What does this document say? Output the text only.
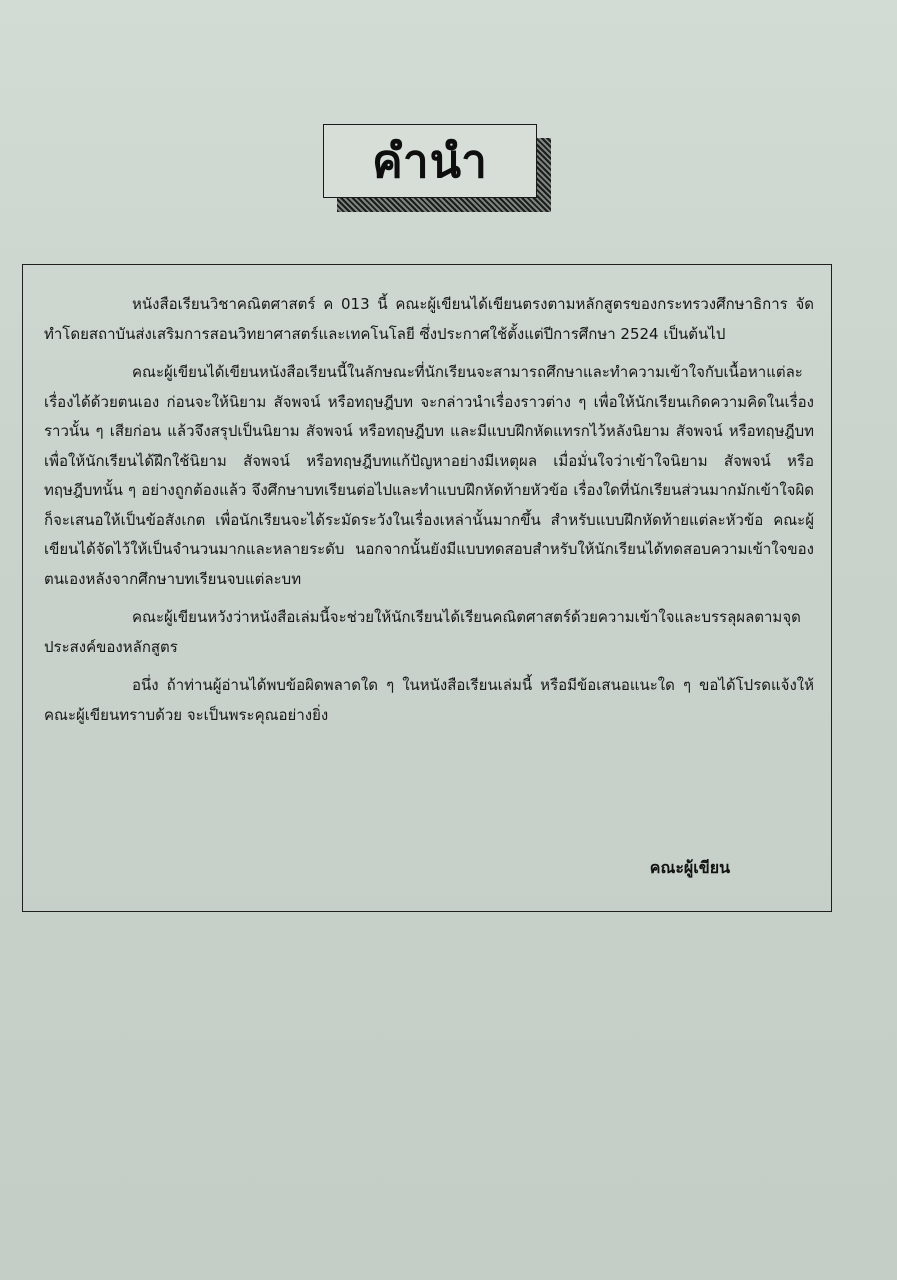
คำนำ

หนังสือเรียนวิชาคณิตศาสตร์ ค 013 นี้ คณะผู้เขียนได้เขียนตรงตามหลักสูตรของกระทรวงศึกษาธิการ จัดทำโดยสถาบันส่งเสริมการสอนวิทยาศาสตร์และเทคโนโลยี ซึ่งประกาศใช้ตั้งแต่ปีการศึกษา 2524 เป็นต้นไป

คณะผู้เขียนได้เขียนหนังสือเรียนนี้ในลักษณะที่นักเรียนจะสามารถศึกษาและทำความเข้าใจกับเนื้อหาแต่ละเรื่องได้ด้วยตนเอง ก่อนจะให้นิยาม สัจพจน์ หรือทฤษฎีบท จะกล่าวนำเรื่องราวต่าง ๆ เพื่อให้นักเรียนเกิดความคิดในเรื่องราวนั้น ๆ เสียก่อน แล้วจึงสรุปเป็นนิยาม สัจพจน์ หรือทฤษฎีบท และมีแบบฝึกหัดแทรกไว้หลังนิยาม สัจพจน์ หรือทฤษฎีบท เพื่อให้นักเรียนได้ฝึกใช้นิยาม สัจพจน์ หรือทฤษฎีบทแก้ปัญหาอย่างมีเหตุผล เมื่อมั่นใจว่าเข้าใจนิยาม สัจพจน์ หรือทฤษฎีบทนั้น ๆ อย่างถูกต้องแล้ว จึงศึกษาบทเรียนต่อไปและทำแบบฝึกหัดท้ายหัวข้อ เรื่องใดที่นักเรียนส่วนมากมักเข้าใจผิดก็จะเสนอให้เป็นข้อสังเกต เพื่อนักเรียนจะได้ระมัดระวังในเรื่องเหล่านั้นมากขึ้น สำหรับแบบฝึกหัดท้ายแต่ละหัวข้อ คณะผู้เขียนได้จัดไว้ให้เป็นจำนวนมากและหลายระดับ นอกจากนั้นยังมีแบบทดสอบสำหรับให้นักเรียนได้ทดสอบความเข้าใจของตนเองหลังจากศึกษาบทเรียนจบแต่ละบท

คณะผู้เขียนหวังว่าหนังสือเล่มนี้จะช่วยให้นักเรียนได้เรียนคณิตศาสตร์ด้วยความเข้าใจและบรรลุผลตามจุดประสงค์ของหลักสูตร

อนึ่ง ถ้าท่านผู้อ่านได้พบข้อผิดพลาดใด ๆ ในหนังสือเรียนเล่มนี้ หรือมีข้อเสนอแนะใด ๆ ขอได้โปรดแจ้งให้คณะผู้เขียนทราบด้วย จะเป็นพระคุณอย่างยิ่ง

คณะผู้เขียน
